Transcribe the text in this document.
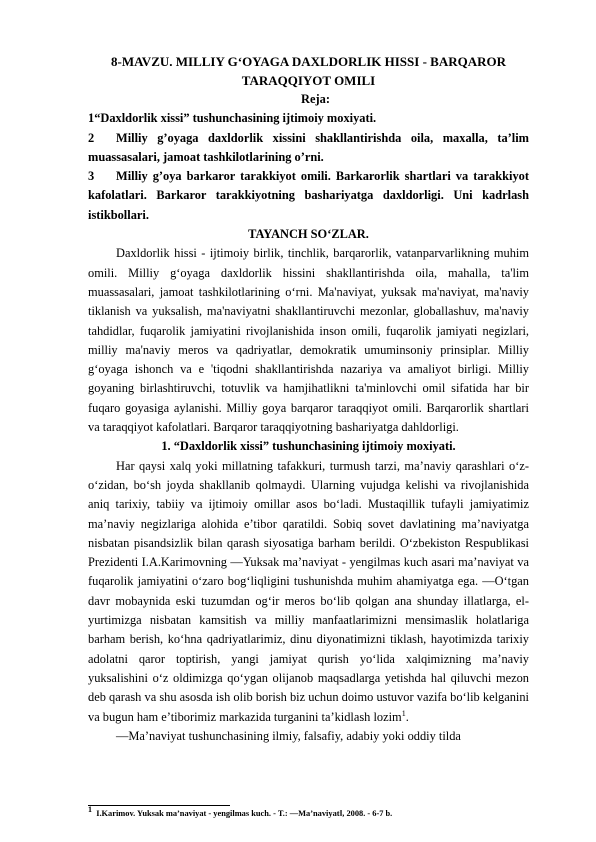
8-MAVZU. MILLIY G‘OYAGA DAXLDORLIK HISSI - BARQAROR TARAQQIYOT OMILI

Reja:

1“Daxldorlik xissi” tushunchasining ijtimoiy moxiyati.

2 Milliy g’oyaga daxldorlik xissini shakllantirishda oila, maxalla, ta’lim muassasalari, jamoat tashkilotlarining o’rni.

3 Milliy g’oya barkaror tarakkiyot omili. Barkarorlik shartlari va tarakkiyot kafolatlari. Barkaror tarakkiyotning bashariyatga daxldorligi. Uni kadrlash istikbollari.

TAYANCH SO‘ZLAR.

Daxldorlik hissi - ijtimoiy birlik, tinchlik, barqarorlik, vatanparvarlikning muhim omili. Milliy g‘oyaga daxldorlik hissini shakllantirishda oila, mahalla, ta'lim muassasalari, jamoat tashkilotlarining o‘rni. Ma'naviyat, yuksak ma'naviyat, ma'naviy tiklanish va yuksalish, ma'naviyatni shakllantiruvchi mezonlar, globallashuv, ma'naviy tahdidlar, fuqarolik jamiyatini rivojlanishida inson omili, fuqarolik jamiyati negizlari, milliy ma'naviy meros va qadriyatlar, demokratik umuminsoniy prinsiplar. Milliy g‘oyaga ishonch va e 'tiqodni shakllantirishda nazariya va amaliyot birligi. Milliy goyaning birlashtiruvchi, totuvlik va hamjihatlikni ta'minlovchi omil sifatida har bir fuqaro goyasiga aylanishi. Milliy goya barqaror taraqqiyot omili. Barqarorlik shartlari va taraqqiyot kafolatlari. Barqaror taraqqiyotning bashariyatga dahldorligi.

1. “Daxldorlik xissi” tushunchasining ijtimoiy moxiyati.

Har qaysi xalq yoki millatning tafakkuri, turmush tarzi, ma’naviy qarashlari o‘z-o‘zidan, bo‘sh joyda shakllanib qolmaydi. Ularning vujudga kelishi va rivojlanishida aniq tarixiy, tabiiy va ijtimoiy omillar asos bo‘ladi. Mustaqillik tufayli jamiyatimiz ma’naviy negizlariga alohida e’tibor qaratildi. Sobiq sovet davlatining ma’naviyatga nisbatan pisandsizlik bilan qarash siyosatiga barham berildi. O‘zbekiston Respublikasi Prezidenti I.A.Karimovning ―Yuksak ma’naviyat - yengilmas kuch asari ma’naviyat va fuqarolik jamiyatini o‘zaro bog‘liqligini tushunishda muhim ahamiyatga ega. ―O‘tgan davr mobaynida eski tuzumdan og‘ir meros bo‘lib qolgan ana shunday illatlarga, el-yurtimizga nisbatan kamsitish va milliy manfaatlarimizni mensimaslik holatlariga barham berish, ko‘hna qadriyatlarimiz, dinu diyonatimizni tiklash, hayotimizda tarixiy adolatni qaror toptirish, yangi jamiyat qurish yo‘lida xalqimizning ma’naviy yuksalishini o‘z oldimizga qo‘ygan olijanob maqsadlarga yetishda hal qiluvchi mezon deb qarash va shu asosda ish olib borish biz uchun doimo ustuvor vazifa bo‘lib kelganini va bugun ham e’tiborimiz markazida turganini ta’kidlash lozim$^1$.

―Ma’naviyat tushunchasining ilmiy, falsafiy, adabiy yoki oddiy tilda

$^1$ I.Karimov. Yuksak ma’naviyat - yengilmas kuch. - T.: ―Ma’naviyat‖, 2008. - 6-7 b.
